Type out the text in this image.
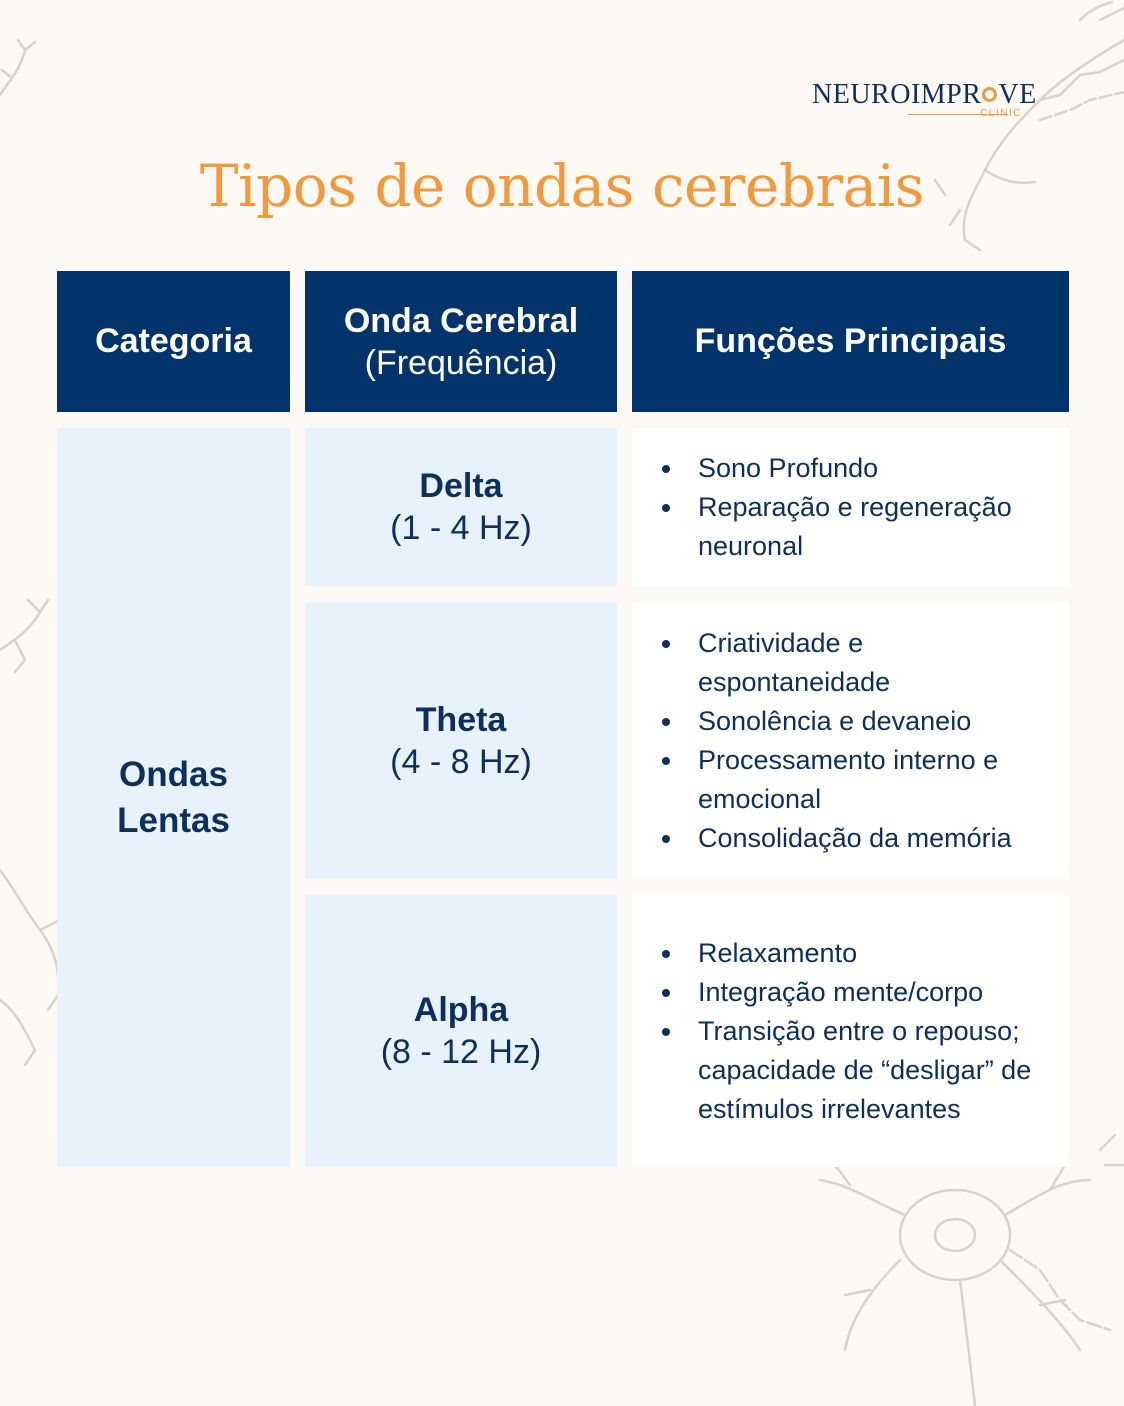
NEUROIMPR VE
CLINIC
Tipos de ondas cerebrais
Categoria
Onda Cerebral
(Frequência)
Funções Principais
Ondas
Lentas
Delta
(1 - 4 Hz)
Sono Profundo
Reparação e regeneração neuronal
Theta
(4 - 8 Hz)
Criatividade e espontaneidade
Sonolência e devaneio
Processamento interno e emocional
Consolidação da memória
Alpha
(8 - 12 Hz)
Relaxamento
Integração mente/corpo
Transição entre o repouso; capacidade de “desligar” de estímulos irrelevantes
